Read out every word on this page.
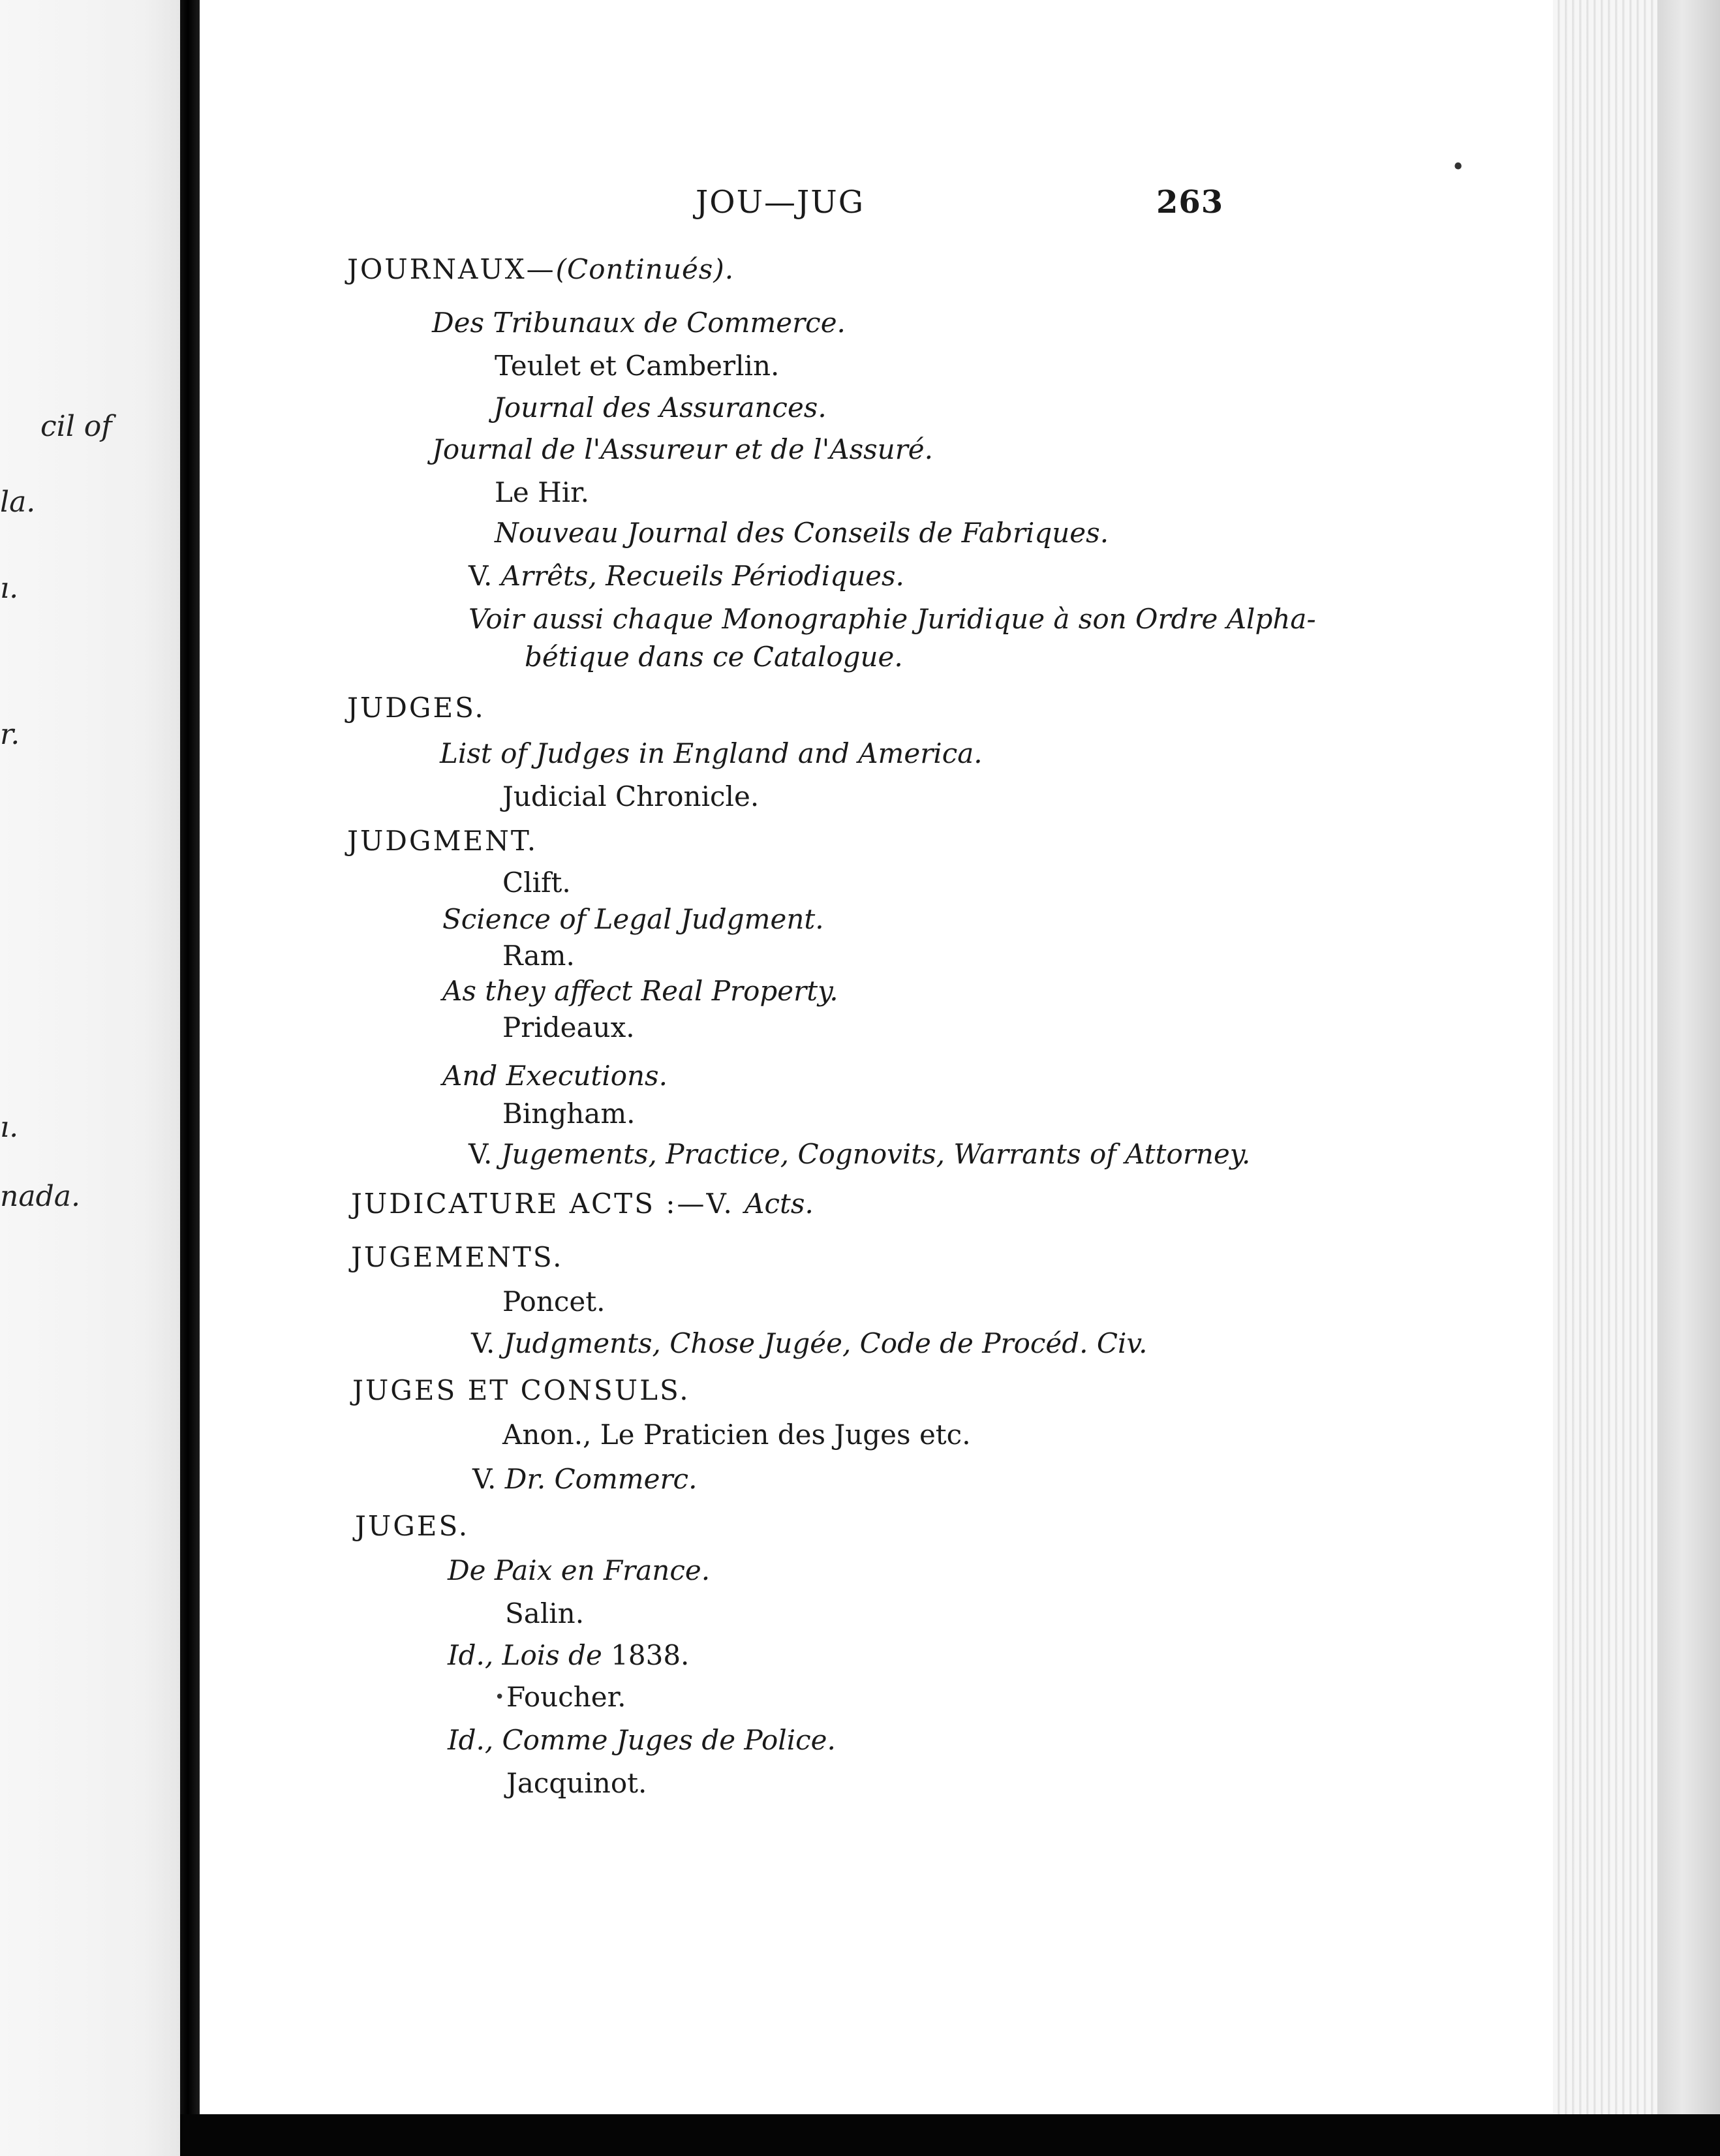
cil of
la.
ı.
r.
ı.
nada.
JOU—JUG	263
•
JOURNAUX—(Continués).
Des Tribunaux de Commerce.
Teulet et Camberlin.
Journal des Assurances.
Journal de l'Assureur et de l'Assuré.
Le Hir.
Nouveau Journal des Conseils de Fabriques.
V. Arrêts, Recueils Périodiques.
Voir aussi chaque Monographie Juridique à son Ordre Alpha-
bétique dans ce Catalogue.
JUDGES.
List of Judges in England and America.
Judicial Chronicle.
JUDGMENT.
Clift.
Science of Legal Judgment.
Ram.
As they affect Real Property.
Prideaux.
And Executions.
Bingham.
V. Jugements, Practice, Cognovits, Warrants of Attorney.
JUDICATURE ACTS :—V. Acts.
JUGEMENTS.
Poncet.
V. Judgments, Chose Jugée, Code de Procéd. Civ.
JUGES ET CONSULS.
Anon., Le Praticien des Juges etc.
V. Dr. Commerc.
JUGES.
De Paix en France.
Salin.
Id., Lois de 1838.
• Foucher.
Id., Comme Juges de Police.
Jacquinot.
